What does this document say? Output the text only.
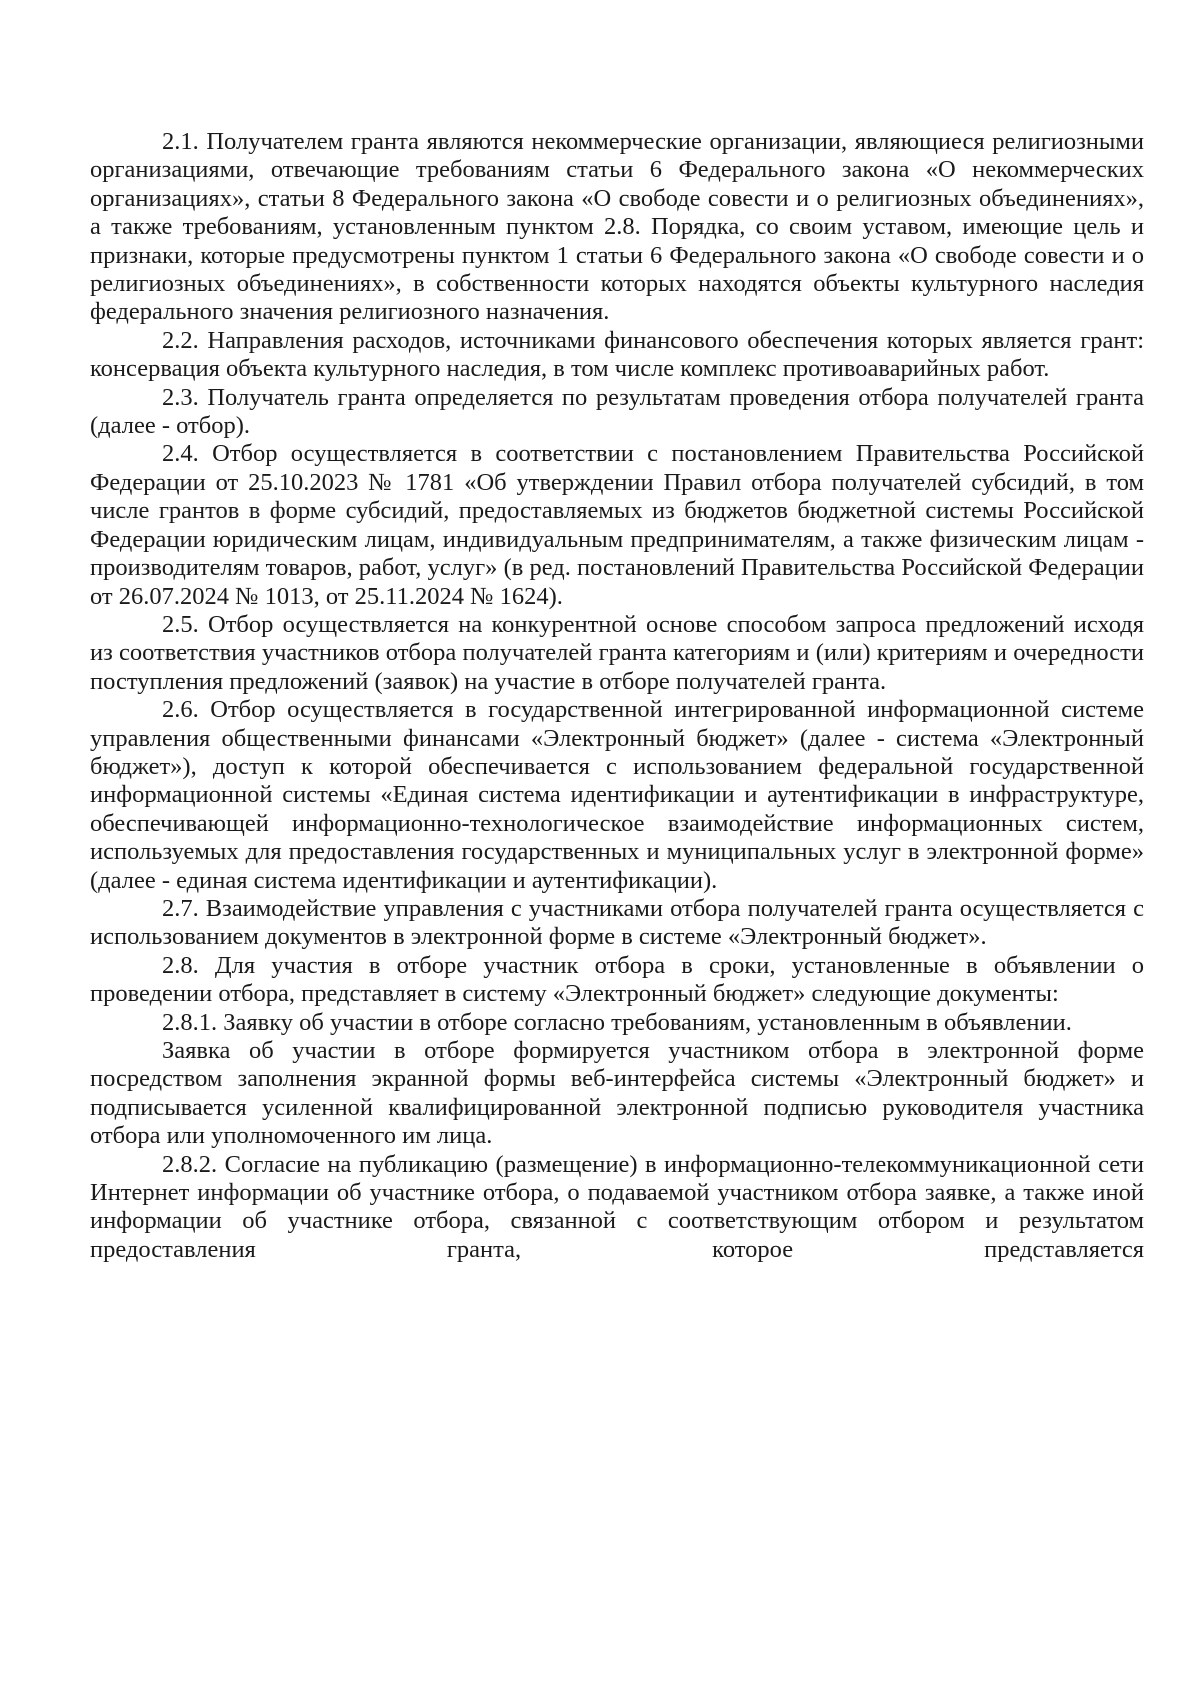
2.1. Получателем гранта являются некоммерческие организации, являющиеся религиозными организациями, отвечающие требованиям статьи 6 Федерального закона «О некоммерческих организациях», статьи 8 Федерального закона «О свободе совести и о религиозных объединениях», а также требованиям, установленным пунктом 2.8. Порядка, со своим уставом, имеющие цель и признаки, которые предусмотрены пунктом 1 статьи 6 Федерального закона «О свободе совести и о религиозных объединениях», в собственности которых находятся объекты культурного наследия федерального значения религиозного назначения.

2.2. Направления расходов, источниками финансового обеспечения которых является грант: консервация объекта культурного наследия, в том числе комплекс противоаварийных работ.

2.3. Получатель гранта определяется по результатам проведения отбора получателей гранта (далее - отбор).

2.4. Отбор осуществляется в соответствии с постановлением Правительства Российской Федерации от 25.10.2023 № 1781 «Об утверждении Правил отбора получателей субсидий, в том числе грантов в форме субсидий, предоставляемых из бюджетов бюджетной системы Российской Федерации юридическим лицам, индивидуальным предпринимателям, а также физическим лицам - производителям товаров, работ, услуг» (в ред. постановлений Правительства Российской Федерации от 26.07.2024 № 1013, от 25.11.2024 № 1624).

2.5. Отбор осуществляется на конкурентной основе способом запроса предложений исходя из соответствия участников отбора получателей гранта категориям и (или) критериям и очередности поступления предложений (заявок) на участие в отборе получателей гранта.

2.6. Отбор осуществляется в государственной интегрированной информационной системе управления общественными финансами «Электронный бюджет» (далее - система «Электронный бюджет»), доступ к которой обеспечивается с использованием федеральной государственной информационной системы «Единая система идентификации и аутентификации в инфраструктуре, обеспечивающей информационно-технологическое взаимодействие информационных систем, используемых для предоставления государственных и муниципальных услуг в электронной форме» (далее - единая система идентификации и аутентификации).

2.7. Взаимодействие управления с участниками отбора получателей гранта осуществляется с использованием документов в электронной форме в системе «Электронный бюджет».

2.8. Для участия в отборе участник отбора в сроки, установленные в объявлении о проведении отбора, представляет в систему «Электронный бюджет» следующие документы:

2.8.1. Заявку об участии в отборе согласно требованиям, установленным в объявлении.

Заявка об участии в отборе формируется участником отбора в электронной форме посредством заполнения экранной формы веб-интерфейса системы «Электронный бюджет» и подписывается усиленной квалифицированной электронной подписью руководителя участника отбора или уполномоченного им лица.

2.8.2. Согласие на публикацию (размещение) в информационно-телекоммуникационной сети Интернет информации об участнике отбора, о подаваемой участником отбора заявке, а также иной информации об участнике отбора, связанной с соответствующим отбором и результатом предоставления гранта, которое представляется
